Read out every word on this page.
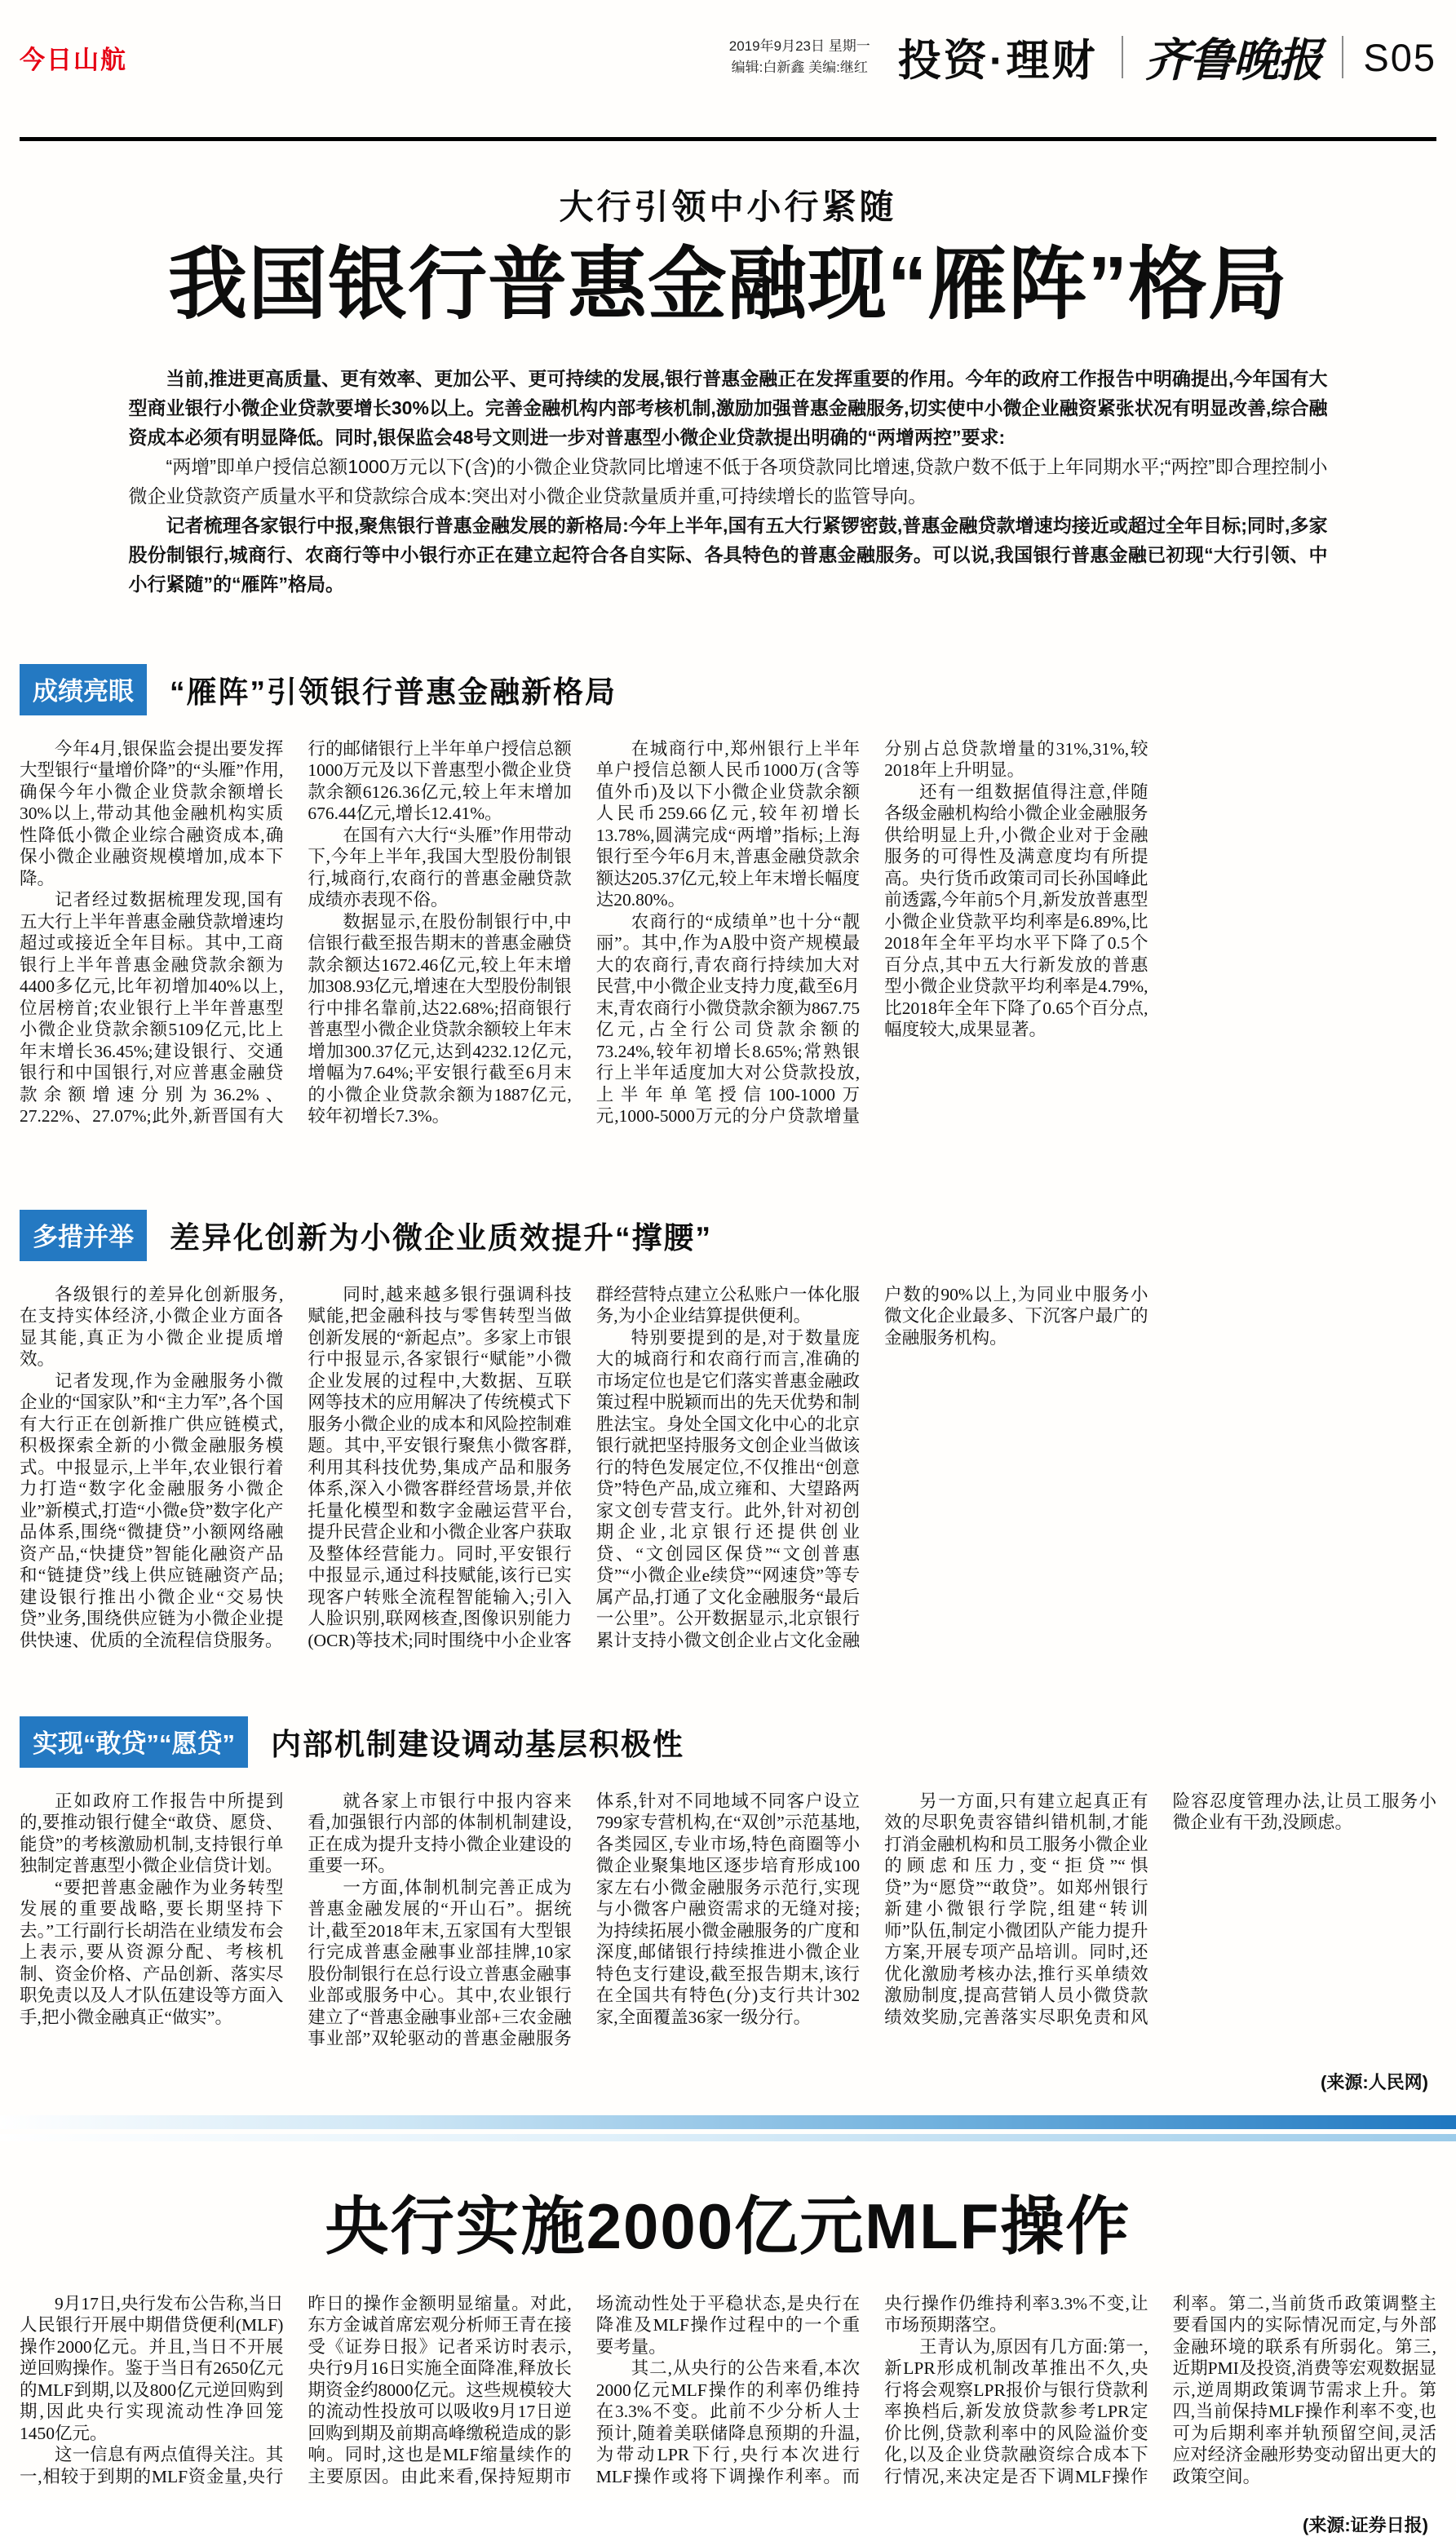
今日山航	2019年9月23日 星期一
编辑:白新鑫 美编:继红 投资·理财 齐鲁晚报 S05
大行引领中小行紧随
我国银行普惠金融现“雁阵”格局

当前,推进更高质量、更有效率、更加公平、更可持续的发展,银行普惠金融正在发挥重要的作用。今年的政府工作报告中明确提出,今年国有大型商业银行小微企业贷款要增长30%以上。完善金融机构内部考核机制,激励加强普惠金融服务,切实使中小微企业融资紧张状况有明显改善,综合融资成本必须有明显降低。同时,银保监会48号文则进一步对普惠型小微企业贷款提出明确的“两增两控”要求:

“两增”即单户授信总额1000万元以下(含)的小微企业贷款同比增速不低于各项贷款同比增速,贷款户数不低于上年同期水平;“两控”即合理控制小微企业贷款资产质量水平和贷款综合成本:突出对小微企业贷款量质并重,可持续增长的监管导向。

记者梳理各家银行中报,聚焦银行普惠金融发展的新格局:今年上半年,国有五大行紧锣密鼓,普惠金融贷款增速均接近或超过全年目标;同时,多家股份制银行,城商行、农商行等中小银行亦正在建立起符合各自实际、各具特色的普惠金融服务。可以说,我国银行普惠金融已初现“大行引领、中小行紧随”的“雁阵”格局。

成绩亮眼	“雁阵”引领银行普惠金融新格局

今年4月,银保监会提出要发挥大型银行“量增价降”的“头雁”作用,确保今年小微企业贷款余额增长30%以上,带动其他金融机构实质性降低小微企业综合融资成本,确保小微企业融资规模增加,成本下降。

记者经过数据梳理发现,国有五大行上半年普惠金融贷款增速均超过或接近全年目标。其中,工商银行上半年普惠金融贷款余额为4400多亿元,比年初增加40%以上,位居榜首;农业银行上半年普惠型小微企业贷款余额5109亿元,比上年末增长36.45%;建设银行、交通银行和中国银行,对应普惠金融贷款余额增速分别为36.2%、27.22%、27.07%;此外,新晋国有大行的邮储银行上半年单户授信总额1000万元及以下普惠型小微企业贷款余额6126.36亿元,较上年末增加676.44亿元,增长12.41%。

在国有六大行“头雁”作用带动下,今年上半年,我国大型股份制银行,城商行,农商行的普惠金融贷款成绩亦表现不俗。

数据显示,在股份制银行中,中信银行截至报告期末的普惠金融贷款余额达1672.46亿元,较上年末增加308.93亿元,增速在大型股份制银行中排名靠前,达22.68%;招商银行普惠型小微企业贷款余额较上年末增加300.37亿元,达到4232.12亿元,增幅为7.64%;平安银行截至6月末的小微企业贷款余额为1887亿元,较年初增长7.3%。

在城商行中,郑州银行上半年单户授信总额人民币1000万(含等值外币)及以下小微企业贷款余额人民币259.66亿元,较年初增长13.78%,圆满完成“两增”指标;上海银行至今年6月末,普惠金融贷款余额达205.37亿元,较上年末增长幅度达20.80%。

农商行的“成绩单”也十分“靓丽”。其中,作为A股中资产规模最大的农商行,青农商行持续加大对民营,中小微企业支持力度,截至6月末,青农商行小微贷款余额为867.75亿元,占全行公司贷款余额的73.24%,较年初增长8.65%;常熟银行上半年适度加大对公贷款投放,上半年单笔授信100-1000万元,1000-5000万元的分户贷款增量分别占总贷款增量的31%,31%,较2018年上升明显。

还有一组数据值得注意,伴随各级金融机构给小微企业金融服务供给明显上升,小微企业对于金融服务的可得性及满意度均有所提高。央行货币政策司司长孙国峰此前透露,今年前5个月,新发放普惠型小微企业贷款平均利率是6.89%,比2018年全年平均水平下降了0.5个百分点,其中五大行新发放的普惠型小微企业贷款平均利率是4.79%,比2018年全年下降了0.65个百分点,幅度较大,成果显著。

多措并举	差异化创新为小微企业质效提升“撑腰”

各级银行的差异化创新服务,在支持实体经济,小微企业方面各显其能,真正为小微企业提质增效。

记者发现,作为金融服务小微企业的“国家队”和“主力军”,各个国有大行正在创新推广供应链模式,积极探索全新的小微金融服务模式。中报显示,上半年,农业银行着力打造“数字化金融服务小微企业”新模式,打造“小微e贷”数字化产品体系,围绕“微捷贷”小额网络融资产品,“快捷贷”智能化融资产品和“链捷贷”线上供应链融资产品;建设银行推出小微企业“交易快贷”业务,围绕供应链为小微企业提供快速、优质的全流程信贷服务。

同时,越来越多银行强调科技赋能,把金融科技与零售转型当做创新发展的“新起点”。多家上市银行中报显示,各家银行“赋能”小微企业发展的过程中,大数据、互联网等技术的应用解决了传统模式下服务小微企业的成本和风险控制难题。其中,平安银行聚焦小微客群,利用其科技优势,集成产品和服务体系,深入小微客群经营场景,并依托量化模型和数字金融运营平台,提升民营企业和小微企业客户获取及整体经营能力。同时,平安银行中报显示,通过科技赋能,该行已实现客户转账全流程智能输入;引入人脸识别,联网核查,图像识别能力(OCR)等技术;同时围绕中小企业客群经营特点建立公私账户一体化服务,为小企业结算提供便利。

特别要提到的是,对于数量庞大的城商行和农商行而言,准确的市场定位也是它们落实普惠金融政策过程中脱颖而出的先天优势和制胜法宝。身处全国文化中心的北京银行就把坚持服务文创企业当做该行的特色发展定位,不仅推出“创意贷”特色产品,成立雍和、大望路两家文创专营支行。此外,针对初创期企业,北京银行还提供创业贷、“文创园区保贷”“文创普惠贷”“小微企业e续贷”“网速贷”等专属产品,打通了文化金融服务“最后一公里”。公开数据显示,北京银行累计支持小微文创企业占文化金融户数的90%以上,为同业中服务小微文化企业最多、下沉客户最广的金融服务机构。

实现“敢贷”“愿贷”	内部机制建设调动基层积极性

正如政府工作报告中所提到的,要推动银行健全“敢贷、愿贷、能贷”的考核激励机制,支持银行单独制定普惠型小微企业信贷计划。

“要把普惠金融作为业务转型发展的重要战略,要长期坚持下去。”工行副行长胡浩在业绩发布会上表示,要从资源分配、考核机制、资金价格、产品创新、落实尽职免责以及人才队伍建设等方面入手,把小微金融真正“做实”。

就各家上市银行中报内容来看,加强银行内部的体制机制建设,正在成为提升支持小微企业建设的重要一环。

一方面,体制机制完善正成为普惠金融发展的“开山石”。据统计,截至2018年末,五家国有大型银行完成普惠金融事业部挂牌,10家股份制银行在总行设立普惠金融事业部或服务中心。其中,农业银行建立了“普惠金融事业部+三农金融事业部”双轮驱动的普惠金融服务体系,针对不同地域不同客户设立799家专营机构,在“双创”示范基地,各类园区,专业市场,特色商圈等小微企业聚集地区逐步培育形成100家左右小微金融服务示范行,实现与小微客户融资需求的无缝对接;为持续拓展小微金融服务的广度和深度,邮储银行持续推进小微企业特色支行建设,截至报告期末,该行在全国共有特色(分)支行共计302家,全面覆盖36家一级分行。

另一方面,只有建立起真正有效的尽职免责容错纠错机制,才能打消金融机构和员工服务小微企业的顾虑和压力,变“拒贷”“惧贷”为“愿贷”“敢贷”。如郑州银行新建小微银行学院,组建“转训师”队伍,制定小微团队产能力提升方案,开展专项产品培训。同时,还优化激励考核办法,推行买单绩效激励制度,提高营销人员小微贷款绩效奖励,完善落实尽职免责和风险容忍度管理办法,让员工服务小微企业有干劲,没顾虑。

(来源:人民网)
央行实施2000亿元MLF操作

9月17日,央行发布公告称,当日人民银行开展中期借贷便利(MLF)操作2000亿元。并且,当日不开展逆回购操作。鉴于当日有2650亿元的MLF到期,以及800亿元逆回购到期,因此央行实现流动性净回笼1450亿元。

这一信息有两点值得关注。其一,相较于到期的MLF资金量,央行昨日的操作金额明显缩量。对此,东方金诚首席宏观分析师王青在接受《证券日报》记者采访时表示,央行9月16日实施全面降准,释放长期资金约8000亿元。这些规模较大的流动性投放可以吸收9月17日逆回购到期及前期高峰缴税造成的影响。同时,这也是MLF缩量续作的主要原因。由此来看,保持短期市场流动性处于平稳状态,是央行在降准及MLF操作过程中的一个重要考量。

其二,从央行的公告来看,本次2000亿元MLF操作的利率仍维持在3.3%不变。此前不少分析人士预计,随着美联储降息预期的升温,为带动LPR下行,央行本次进行MLF操作或将下调操作利率。而央行操作仍维持利率3.3%不变,让市场预期落空。

王青认为,原因有几方面:第一,新LPR形成机制改革推出不久,央行将会观察LPR报价与银行贷款利率换档后,新发放贷款参考LPR定价比例,贷款利率中的风险溢价变化,以及企业贷款融资综合成本下行情况,来决定是否下调MLF操作利率。第二,当前货币政策调整主要看国内的实际情况而定,与外部金融环境的联系有所弱化。第三,近期PMI及投资,消费等宏观数据显示,逆周期政策调节需求上升。第四,当前保持MLF操作利率不变,也可为后期利率并轨预留空间,灵活应对经济金融形势变动留出更大的政策空间。

(来源:证券日报)
